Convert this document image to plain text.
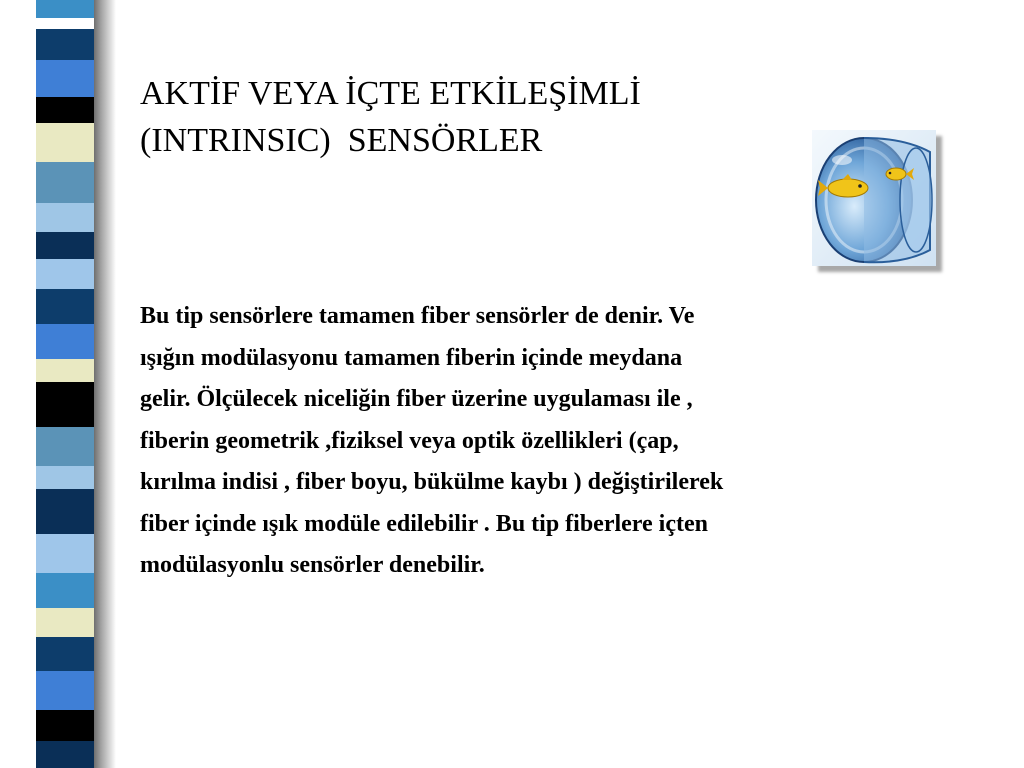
AKTİF VEYA İÇTE ETKİLEŞİMLİ
(INTRINSIC)  SENSÖRLER
Bu tip sensörlere tamamen fiber sensörler de denir. Ve
ışığın modülasyonu tamamen fiberin içinde meydana
gelir. Ölçülecek niceliğin fiber üzerine uygulaması ile ,
fiberin geometrik ,fiziksel veya optik özellikleri (çap,
kırılma indisi , fiber boyu, bükülme kaybı ) değiştirilerek
fiber içinde ışık modüle edilebilir . Bu tip fiberlere içten
modülasyonlu sensörler denebilir.
